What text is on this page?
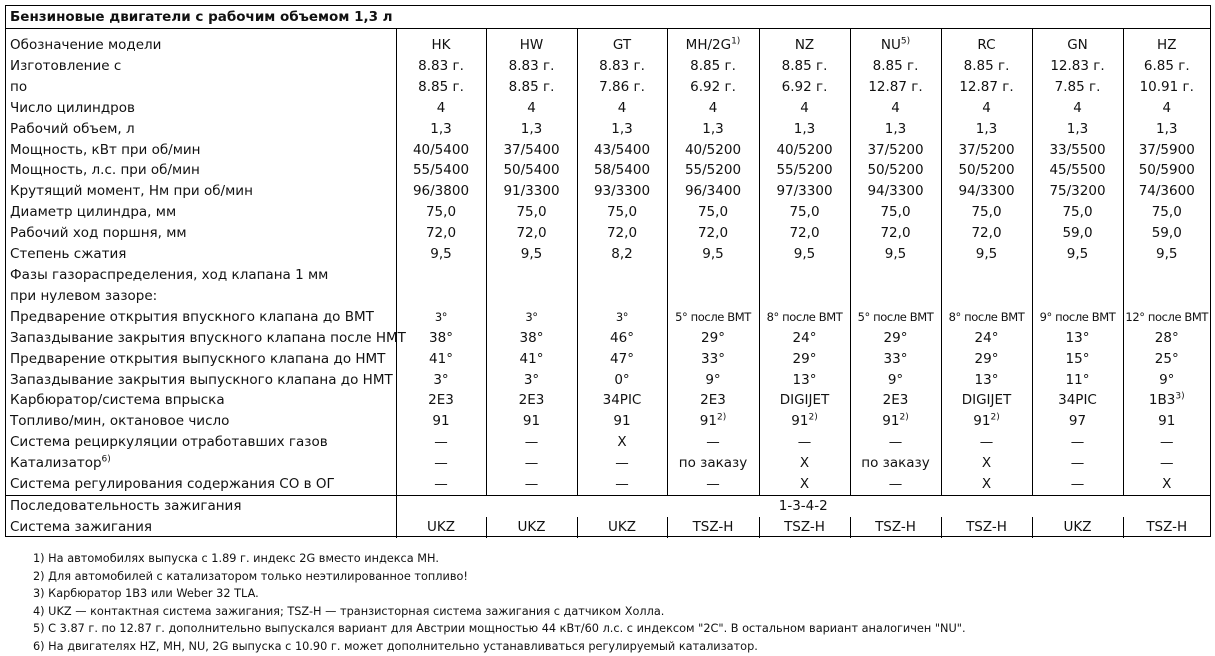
Бензиновые двигатели с рабочим объемом 1,3 л
Обозначение модели	HK	HW	GT	$MH/2G^{1)}$	NZ	NU$^{5)}$	RC	GN	HZ
Изготовление с	8.83 г.	8.83 г.	8.83 г.	8.85 г.	8.85 г.	8.85 г.	8.85 г.	12.83 г.	6.85 г.
по	8.85 г.	8.85 г.	7.86 г.	6.92 г.	6.92 г.	12.87 г.	12.87 г.	7.85 г.	10.91 г.
Число цилиндров	4	4	4	4	4	4	4	4	4
Рабочий объем, л	1,3	1,3	1,3	1,3	1,3	1,3	1,3	1,3	1,3
Мощность, кВт при об/мин	40/5400	37/5400	43/5400	40/5200	40/5200	37/5200	37/5200	33/5500	37/5900
Мощность, л.с. при об/мин	55/5400	50/5400	58/5400	55/5200	55/5200	50/5200	50/5200	45/5500	50/5900
Крутящий момент, Нм при об/мин	96/3800	91/3300	93/3300	96/3400	97/3300	94/3300	94/3300	75/3200	74/3600
Диаметр цилиндра, мм	75,0	75,0	75,0	75,0	75,0	75,0	75,0	75,0	75,0
Рабочий ход поршня, мм	72,0	72,0	72,0	72,0	72,0	72,0	72,0	59,0	59,0
Степень сжатия	9,5	9,5	8,2	9,5	9,5	9,5	9,5	9,5	9,5
Фазы газораспределения, ход клапана 1 мм									
при нулевом зазоре:									
Предварение открытия впускного клапана до ВМТ	3°	3°	3°	5° после ВМТ	8° после ВМТ	5° после ВМТ	8° после ВМТ	9° после ВМТ	12° после ВМТ
Запаздывание закрытия впускного клапана после НМТ	38°	38°	46°	29°	24°	29°	24°	13°	28°
Предварение открытия выпускного клапана до НМТ	41°	41°	47°	33°	29°	33°	29°	15°	25°
Запаздывание закрытия выпускного клапана до НМТ	3°	3°	0°	9°	13°	9°	13°	11°	9°
Карбюратор/система впрыска	2E3	2E3	34PIC	2E3	DIGIJET	2E3	DIGIJET	34PIC	1B3$^{3)}$
Топливо/мин, октановое число	91	91	91	91$^{2)}$	91$^{2)}$	91$^{2)}$	91$^{2)}$	97	91
Система рециркуляции отработавших газов	—	—	X	—	—	—	—	—	—
Катализатор$^{6)}$	—	—	—	по заказу	X	по заказу	X	—	—
Система регулирования содержания CO в ОГ	—	—	—	—	X	—	X	—	X
Последовательность зажигания	1-3-4-2								
Система зажигания	UKZ	UKZ	UKZ	TSZ-H	TSZ-H	TSZ-H	TSZ-H	UKZ	TSZ-H
1) На автомобилях выпуска с 1.89 г. индекс 2G вместо индекса MH.
2) Для автомобилей с катализатором только неэтилированное топливо!
3) Карбюратор 1B3 или Weber 32 TLA.
4) UKZ — контактная система зажигания; TSZ-H — транзисторная система зажигания с датчиком Холла.
5) С 3.87 г. по 12.87 г. дополнительно выпускался вариант для Австрии мощностью 44 кВт/60 л.с. с индексом "2C". В остальном вариант аналогичен "NU".
6) На двигателях HZ, MH, NU, 2G выпуска с 10.90 г. может дополнительно устанавливаться регулируемый катализатор.
